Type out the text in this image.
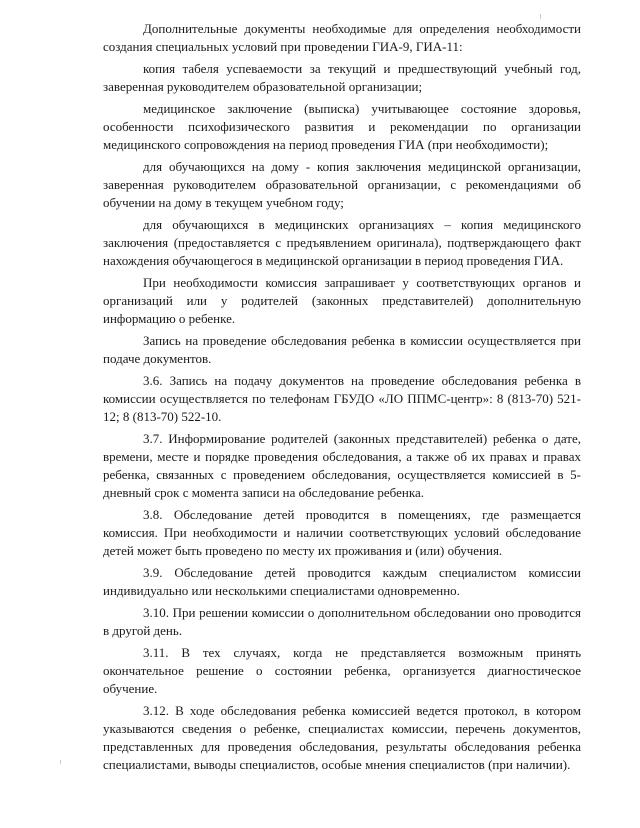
Дополнительные документы необходимые для определения необходимости создания специальных условий при проведении ГИА-9, ГИА-11:

копия табеля успеваемости за текущий и предшествующий учебный год, заверенная руководителем образовательной организации;

медицинское заключение (выписка) учитывающее состояние здоровья, особенности психофизического развития и рекомендации по организации медицинского сопровождения на период проведения ГИА (при необходимости);

для обучающихся на дому - копия заключения медицинской организации, заверенная руководителем образовательной организации, с рекомендациями об обучении на дому в текущем учебном году;

для обучающихся в медицинских организациях – копия медицинского заключения (предоставляется с предъявлением оригинала), подтверждающего факт нахождения обучающегося в медицинской организации в период проведения ГИА.

При необходимости комиссия запрашивает у соответствующих органов и организаций или у родителей (законных представителей) дополнительную информацию о ребенке.

Запись на проведение обследования ребенка в комиссии осуществляется при подаче документов.

3.6. Запись на подачу документов на проведение обследования ребенка в комиссии осуществляется по телефонам ГБУДО «ЛО ППМС-центр»: 8 (813-70) 521-12; 8 (813-70) 522-10.

3.7. Информирование родителей (законных представителей) ребенка о дате, времени, месте и порядке проведения обследования, а также об их правах и правах ребенка, связанных с проведением обследования, осуществляется комиссией в 5-дневный срок с момента записи на обследование ребенка.

3.8. Обследование детей проводится в помещениях, где размещается комиссия. При необходимости и наличии соответствующих условий обследование детей может быть проведено по месту их проживания и (или) обучения.

3.9. Обследование детей проводится каждым специалистом комиссии индивидуально или несколькими специалистами одновременно.

3.10. При решении комиссии о дополнительном обследовании оно проводится в другой день.

3.11. В тех случаях, когда не представляется возможным принять окончательное решение о состоянии ребенка, организуется диагностическое обучение.

3.12. В ходе обследования ребенка комиссией ведется протокол, в котором указываются сведения о ребенке, специалистах комиссии, перечень документов, представленных для проведения обследования, результаты обследования ребенка специалистами, выводы специалистов, особые мнения специалистов (при наличии).
